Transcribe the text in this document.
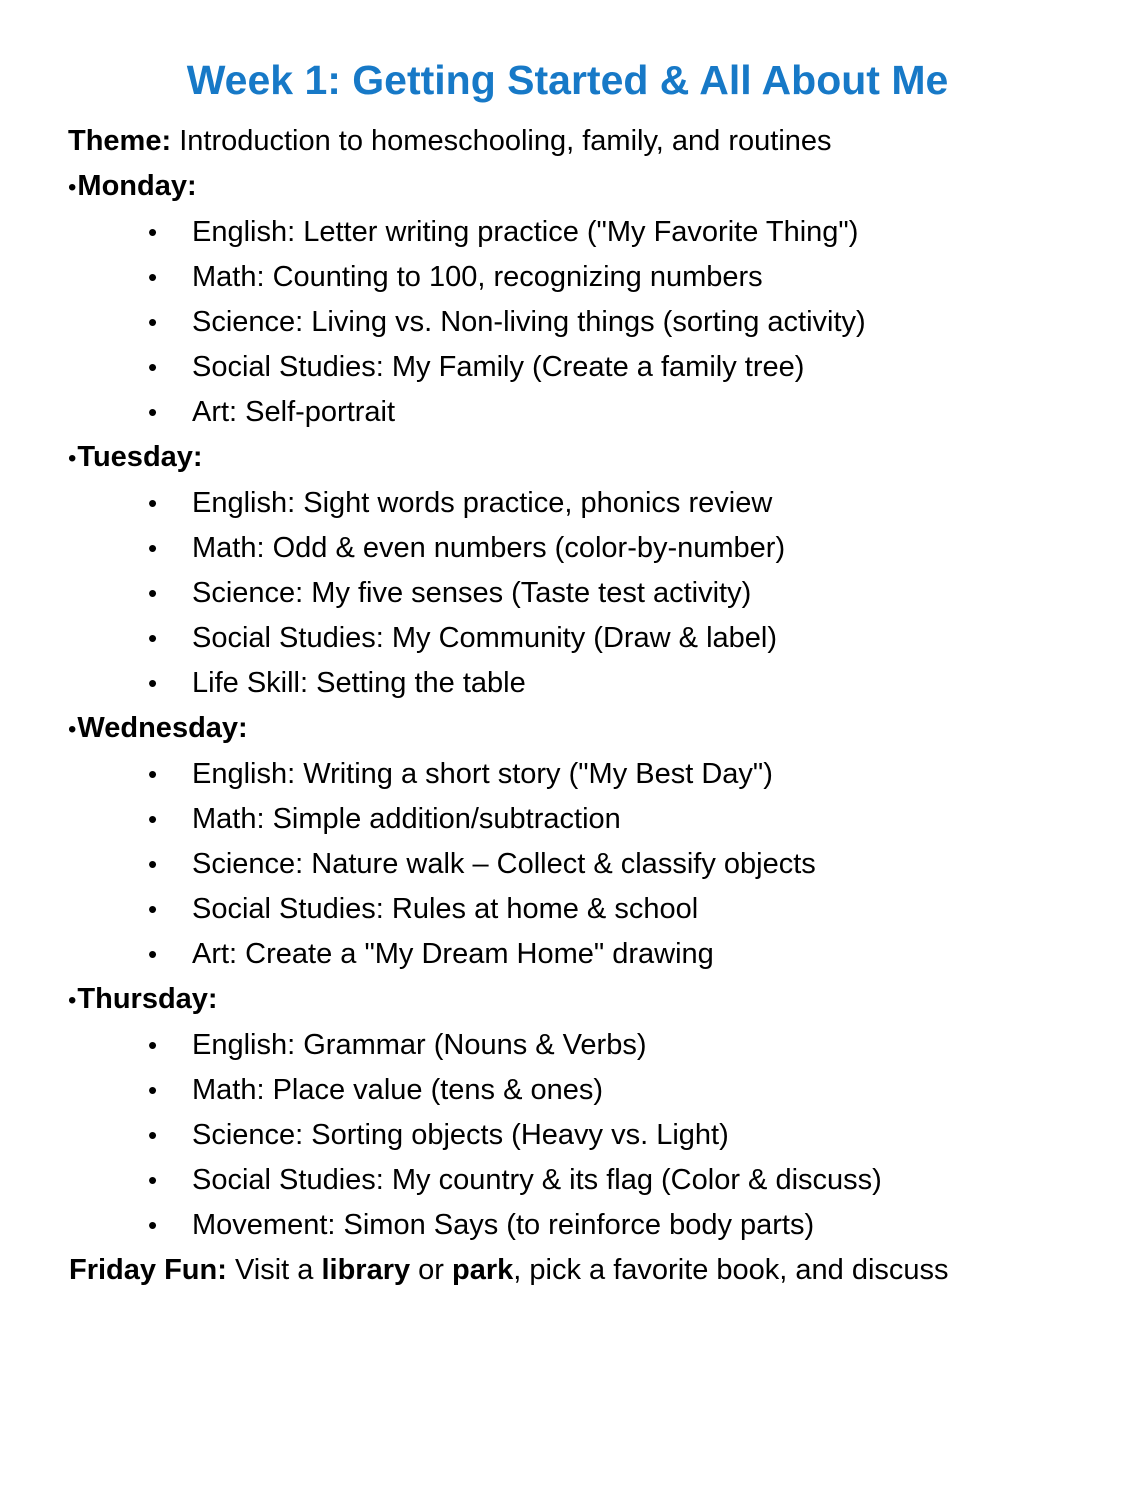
Week 1: Getting Started & All About Me

Theme: Introduction to homeschooling, family, and routines

•Monday:

•	English: Letter writing practice ("My Favorite Thing")
•	Math: Counting to 100, recognizing numbers
•	Science: Living vs. Non-living things (sorting activity)
•	Social Studies: My Family (Create a family tree)
•	Art: Self-portrait

•Tuesday:

•	English: Sight words practice, phonics review
•	Math: Odd & even numbers (color-by-number)
•	Science: My five senses (Taste test activity)
•	Social Studies: My Community (Draw & label)
•	Life Skill: Setting the table

•Wednesday:

•	English: Writing a short story ("My Best Day")
•	Math: Simple addition/subtraction
•	Science: Nature walk – Collect & classify objects
•	Social Studies: Rules at home & school
•	Art: Create a "My Dream Home" drawing

•Thursday:

•	English: Grammar (Nouns & Verbs)
•	Math: Place value (tens & ones)
•	Science: Sorting objects (Heavy vs. Light)
•	Social Studies: My country & its flag (Color & discuss)
•	Movement: Simon Says (to reinforce body parts)

Friday Fun: Visit a library or park, pick a favorite book, and discuss
